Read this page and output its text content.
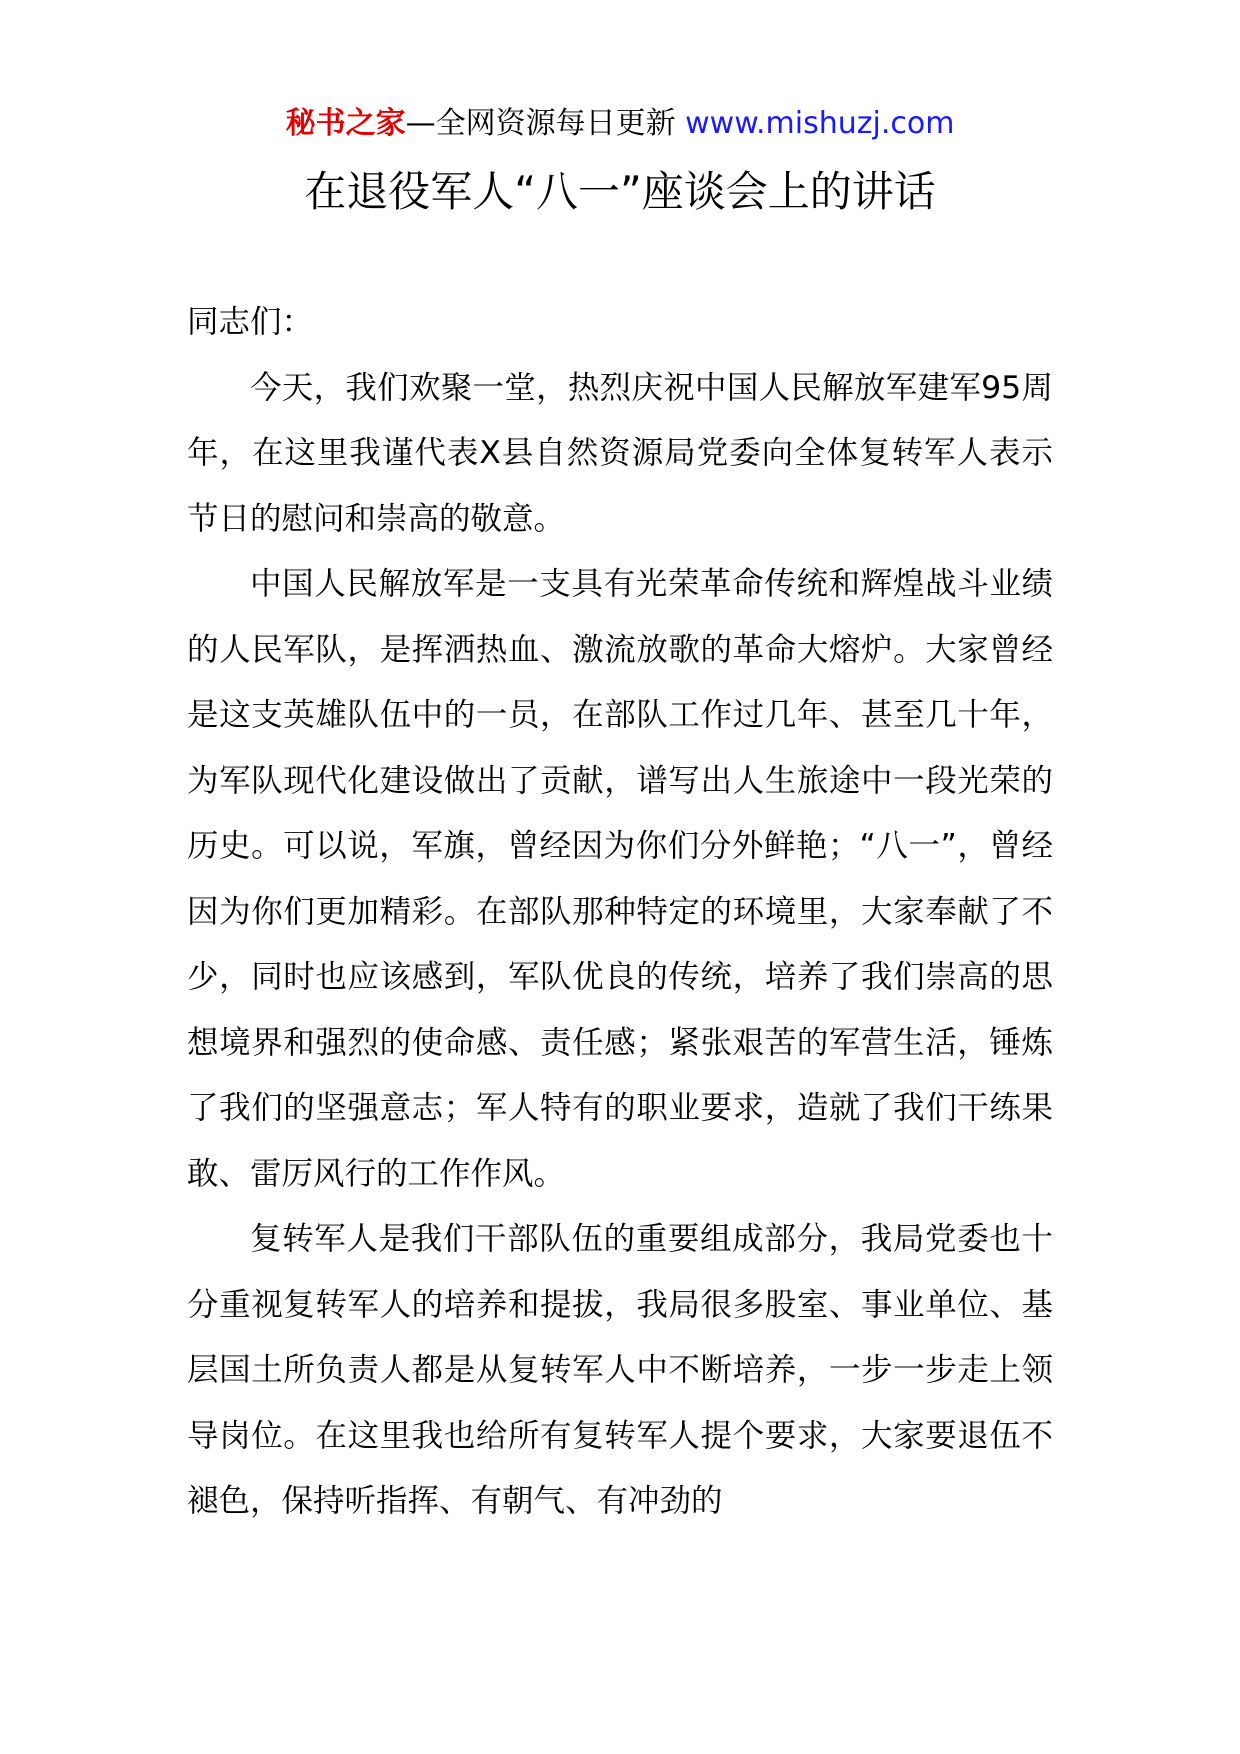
秘书之家—全网资源每日更新 www.mishuzj.com
在退役军人“八一”座谈会上的讲话

同志们：

今天，我们欢聚一堂，热烈庆祝中国人民解放军建军95周年，在这里我谨代表X县自然资源局党委向全体复转军人表示节日的慰问和崇高的敬意。

中国人民解放军是一支具有光荣革命传统和辉煌战斗业绩的人民军队，是挥洒热血、激流放歌的革命大熔炉。大家曾经是这支英雄队伍中的一员，在部队工作过几年、甚至几十年，为军队现代化建设做出了贡献，谱写出人生旅途中一段光荣的历史。可以说，军旗，曾经因为你们分外鲜艳；“八一”，曾经因为你们更加精彩。在部队那种特定的环境里，大家奉献了不少，同时也应该感到，军队优良的传统，培养了我们崇高的思想境界和强烈的使命感、责任感；紧张艰苦的军营生活，锤炼了我们的坚强意志；军人特有的职业要求，造就了我们干练果敢、雷厉风行的工作作风。

复转军人是我们干部队伍的重要组成部分，我局党委也十分重视复转军人的培养和提拔，我局很多股室、事业单位、基层国土所负责人都是从复转军人中不断培养，一步一步走上领导岗位。在这里我也给所有复转军人提个要求，大家要退伍不褪色，保持听指挥、有朝气、有冲劲的
